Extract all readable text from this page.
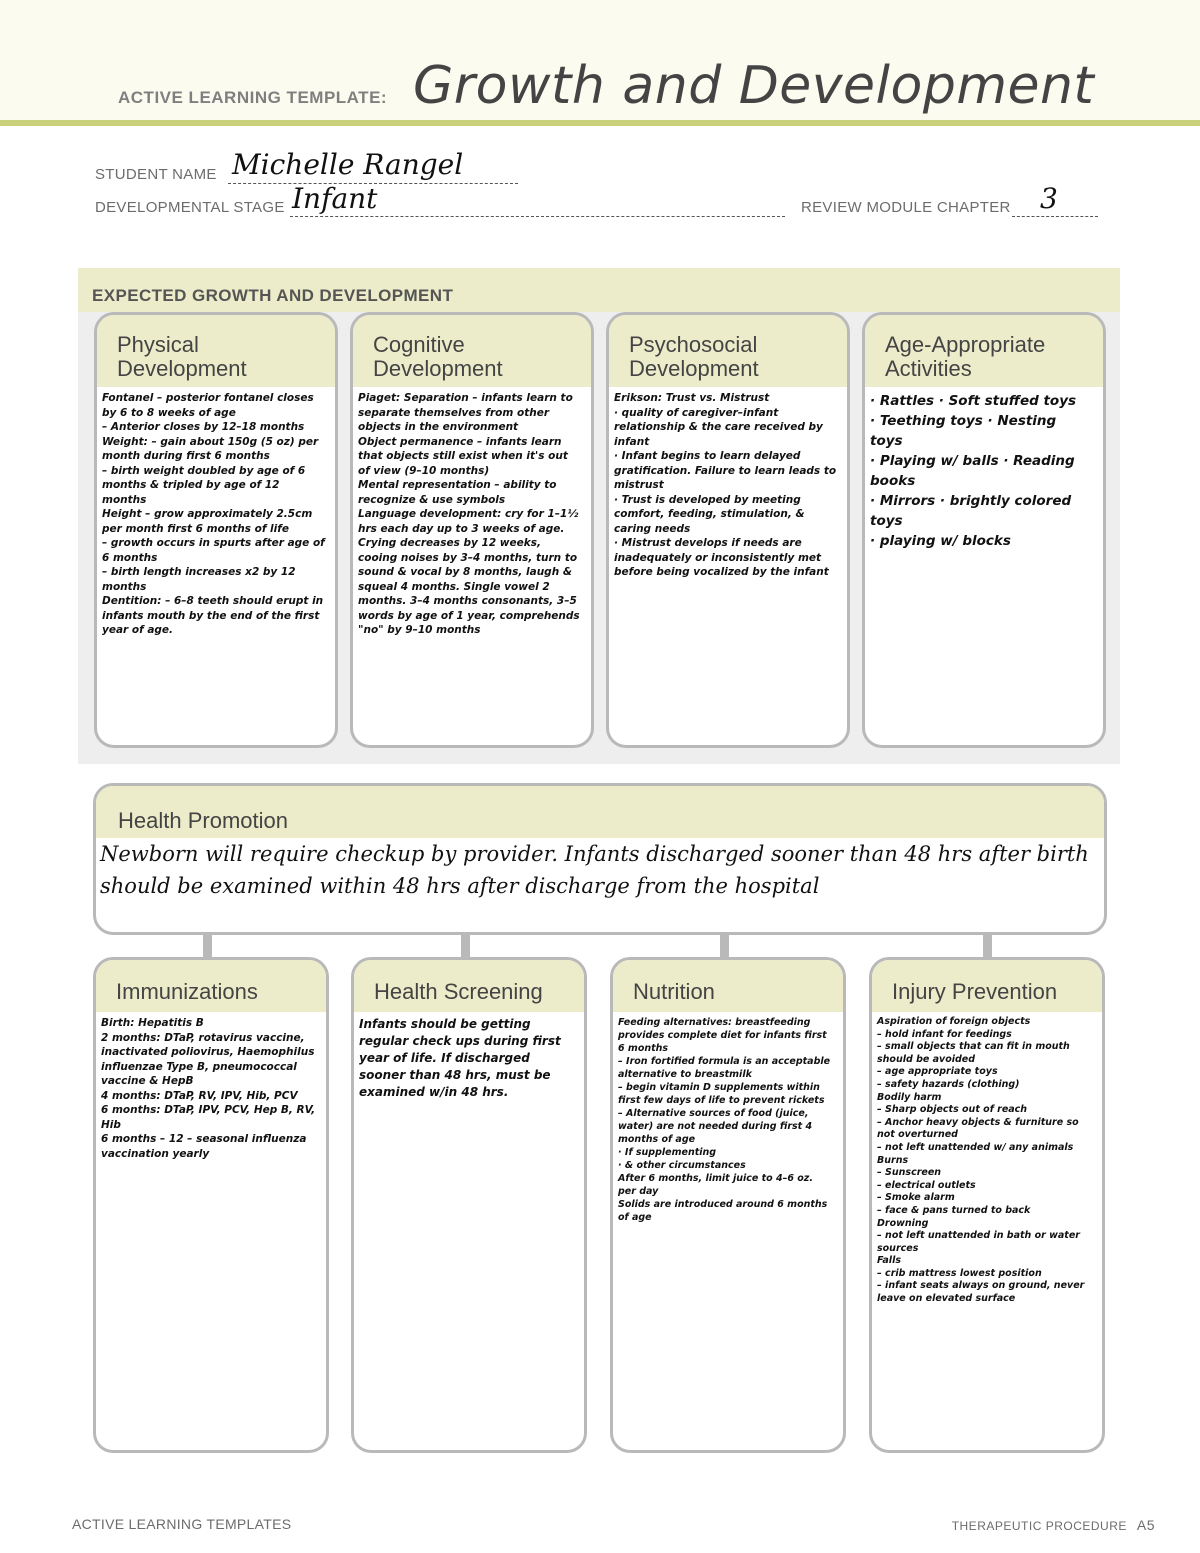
ACTIVE LEARNING TEMPLATE: Growth and Development
STUDENT NAME Michelle Rangel
DEVELOPMENTAL STAGE Infant	REVIEW MODULE CHAPTER 3
EXPECTED GROWTH AND DEVELOPMENT
Physical
Development
Fontanel – posterior fontanel closes by 6 to 8 weeks of age
– Anterior closes by 12–18 months
Weight: – gain about 150g (5 oz) per month during first 6 months
– birth weight doubled by age of 6 months & tripled by age of 12 months
Height – grow approximately 2.5cm per month first 6 months of life
– growth occurs in spurts after age of 6 months
– birth length increases x2 by 12 months
Dentition: – 6–8 teeth should erupt in infants mouth by the end of the first year of age.
Cognitive
Development
Piaget: Separation – infants learn to separate themselves from other objects in the environment
Object permanence – infants learn that objects still exist when it's out of view (9–10 months)
Mental representation – ability to recognize & use symbols
Language development: cry for 1–1½ hrs each day up to 3 weeks of age. Crying decreases by 12 weeks, cooing noises by 3–4 months, turn to sound & vocal by 8 months, laugh & squeal 4 months. Single vowel 2 months. 3–4 months consonants, 3–5 words by age of 1 year, comprehends "no" by 9–10 months
Psychosocial
Development
Erikson: Trust vs. Mistrust
· quality of caregiver–infant relationship & the care received by infant
· Infant begins to learn delayed gratification. Failure to learn leads to mistrust
· Trust is developed by meeting comfort, feeding, stimulation, & caring needs
· Mistrust develops if needs are inadequately or inconsistently met before being vocalized by the infant
Age-Appropriate
Activities
· Rattles · Soft stuffed toys
· Teething toys · Nesting toys
· Playing w/ balls · Reading books
· Mirrors · brightly colored toys
· playing w/ blocks
Health Promotion
Newborn will require checkup by provider. Infants discharged sooner than 48 hrs after birth
should be examined within 48 hrs after discharge from the hospital
Immunizations
Birth: Hepatitis B
2 months: DTaP, rotavirus vaccine, inactivated poliovirus, Haemophilus influenzae Type B, pneumococcal vaccine & HepB
4 months: DTaP, RV, IPV, Hib, PCV
6 months: DTaP, IPV, PCV, Hep B, RV, Hib
6 months – 12 – seasonal influenza vaccination yearly
Health Screening
Infants should be getting regular check ups during first year of life. If discharged sooner than 48 hrs, must be examined w/in 48 hrs.
Nutrition
Feeding alternatives: breastfeeding provides complete diet for infants first 6 months
– Iron fortified formula is an acceptable alternative to breastmilk
– begin vitamin D supplements within first few days of life to prevent rickets
– Alternative sources of food (juice, water) are not needed during first 4 months of age
· If supplementing
· & other circumstances
After 6 months, limit juice to 4–6 oz. per day
Solids are introduced around 6 months of age
Injury Prevention
Aspiration of foreign objects
– hold infant for feedings
– small objects that can fit in mouth should be avoided
– age appropriate toys
– safety hazards (clothing)
Bodily harm
– Sharp objects out of reach
– Anchor heavy objects & furniture so not overturned
– not left unattended w/ any animals
Burns
– Sunscreen
– electrical outlets
– Smoke alarm
– face & pans turned to back
Drowning
– not left unattended in bath or water sources
Falls
– crib mattress lowest position
– infant seats always on ground, never leave on elevated surface
ACTIVE LEARNING TEMPLATES	THERAPEUTIC PROCEDURE A5
